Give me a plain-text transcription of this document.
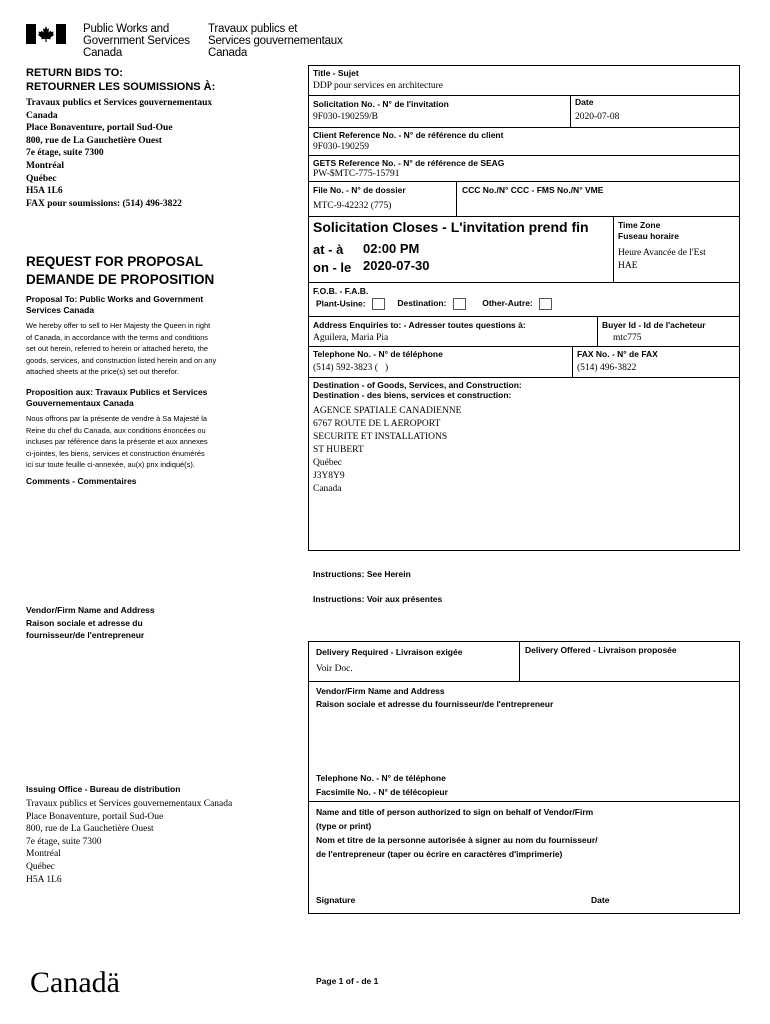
Public Works and
Government Services
Canada
Travaux publics et
Services gouvernementaux
Canada
RETURN BIDS TO:
RETOURNER LES SOUMISSIONS À:
Travaux publics et Services gouvernementaux
Canada
Place Bonaventure, portail Sud-Oue
800, rue de La Gauchetière Ouest
7e étage, suite 7300
Montréal
Québec
H5A 1L6
FAX pour soumissions: (514) 496-3822
REQUEST FOR PROPOSAL
DEMANDE DE PROPOSITION
Proposal To: Public Works and Government
Services Canada
We hereby offer to sell to Her Majesty the Queen in right
of Canada, in accordance with the terms and conditions
set out herein, referred to herein or attached hereto, the
goods, services, and construction listed herein and on any
attached sheets at the price(s) set out therefor.
Proposition aux: Travaux Publics et Services
Gouvernementaux Canada
Nous offrons par la présente de vendre à Sa Majesté la
Reine du chef du Canada, aux conditions énoncées ou
incluses par référence dans la présente et aux annexes
ci-jointes, les biens, services et construction énumérés
ici sur toute feuille ci-annexée, au(x) prix indiqué(s).
Comments - Commentaires
Vendor/Firm Name and Address
Raison sociale et adresse du
fournisseur/de l'entrepreneur
Issuing Office - Bureau de distribution
Travaux publics et Services gouvernementaux Canada
Place Bonaventure, portail Sud-Oue
800, rue de La Gauchetière Ouest
7e étage, suite 7300
Montréal
Québec
H5A 1L6
Title - Sujet
DDP pour services en architecture
Solicitation No. - N° de l'invitation
9F030-190259/B
Date
2020-07-08
Client Reference No. - N° de référence du client
9F030-190259
GETS Reference No. - N° de référence de SEAG
PW-$MTC-775-15791
File No. - N° de dossier
MTC-9-42232 (775)
CCC No./N° CCC - FMS No./N° VME
Solicitation Closes - L'invitation prend fin
at - à 02:00 PM
on - le 2020-07-30
Time Zone
Fuseau horaire
Heure Avancée de l'Est
HAE
F.O.B. - F.A.B.
Plant-Usine:	Destination:	Other-Autre:
Address Enquiries to: - Adresser toutes questions à:
Aguilera, Maria Pia
Buyer Id - Id de l'acheteur
mtc775
Telephone No. - N° de téléphone
(514) 592-3823 (   )
FAX No. - N° de FAX
(514) 496-3822
Destination - of Goods, Services, and Construction:
Destination - des biens, services et construction:
AGENCE SPATIALE CANADIENNE
6767 ROUTE DE L AEROPORT
SECURITE ET INSTALLATIONS
ST HUBERT
Québec
J3Y8Y9
Canada
Instructions: See Herein
Instructions: Voir aux présentes
Delivery Required - Livraison exigée
Voir Doc.
Delivery Offered - Livraison proposée
Vendor/Firm Name and Address
Raison sociale et adresse du fournisseur/de l'entrepreneur
Telephone No. - N° de téléphone
Facsimile No. - N° de télécopieur
Name and title of person authorized to sign on behalf of Vendor/Firm
(type or print)
Nom et titre de la personne autorisée à signer au nom du fournisseur/
de l'entrepreneur (taper ou écrire en caractères d'imprimerie)
Signature	Date
Canadä	Page 1 of - de 1
